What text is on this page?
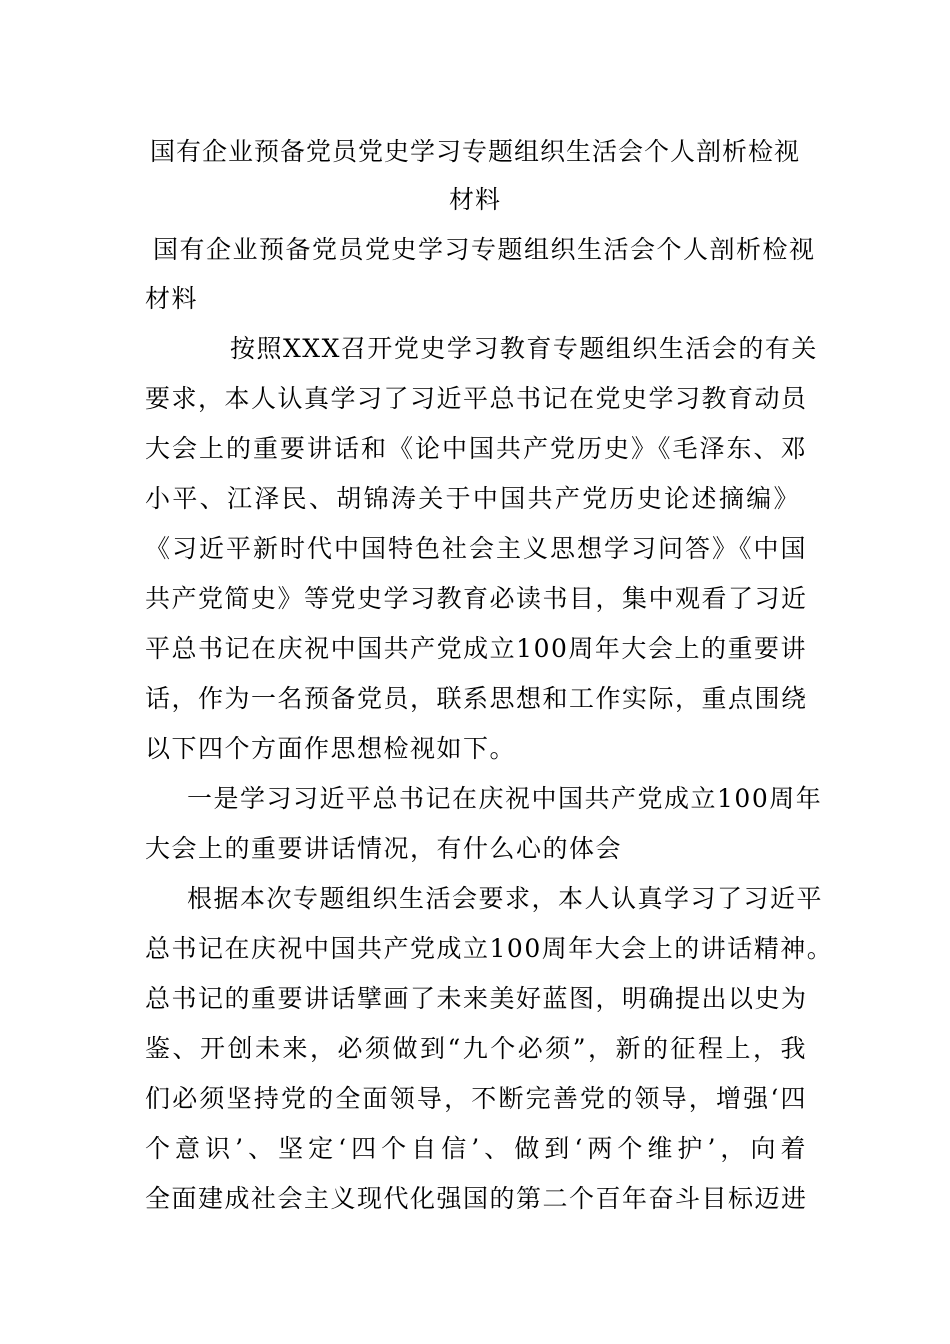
国有企业预备党员党史学习专题组织生活会个人剖析检视
材料
国有企业预备党员党史学习专题组织生活会个人剖析检视
材料
按照XXX召开党史学习教育专题组织生活会的有关
要求，本人认真学习了习近平总书记在党史学习教育动员
大会上的重要讲话和《论中国共产党历史》《毛泽东、邓
小平、江泽民、胡锦涛关于中国共产党历史论述摘编》
《习近平新时代中国特色社会主义思想学习问答》《中国
共产党简史》等党史学习教育必读书目，集中观看了习近
平总书记在庆祝中国共产党成立100周年大会上的重要讲
话，作为一名预备党员，联系思想和工作实际，重点围绕
以下四个方面作思想检视如下。
一是学习习近平总书记在庆祝中国共产党成立100周年
大会上的重要讲话情况，有什么心的体会
根据本次专题组织生活会要求，本人认真学习了习近平
总书记在庆祝中国共产党成立100周年大会上的讲话精神。
总书记的重要讲话擘画了未来美好蓝图，明确提出以史为
鉴、开创未来，必须做到“九个必须”，新的征程上，我
们必须坚持党的全面领导，不断完善党的领导，增强‘四
个意识’、坚定‘四个自信’、做到‘两个维护’，向着
全面建成社会主义现代化强国的第二个百年奋斗目标迈进
